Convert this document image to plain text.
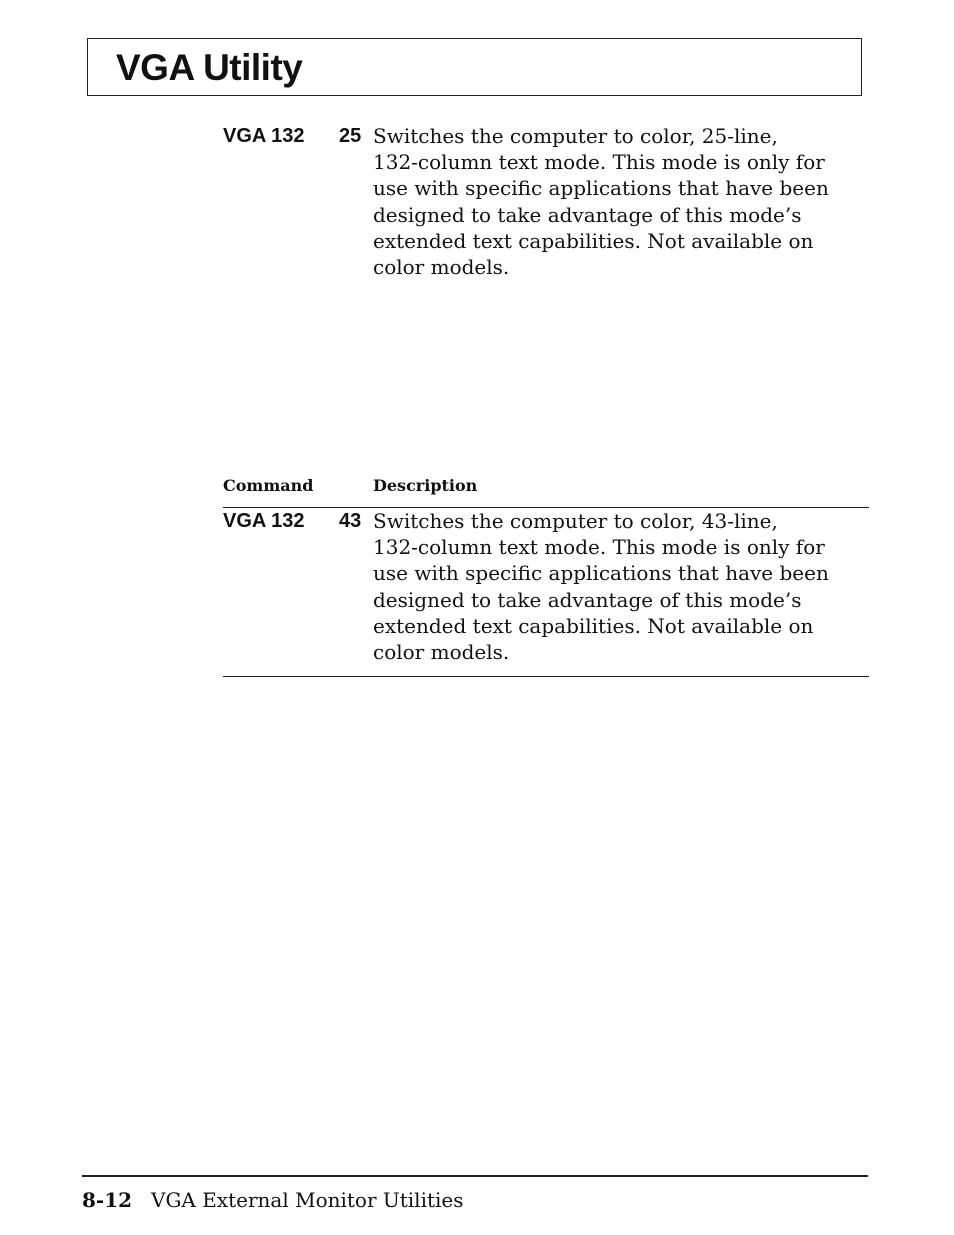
VGA Utility
VGA 132 25 Switches the computer to color, 25-line,
132-column text mode. This mode is only for
use with specific applications that have been
designed to take advantage of this mode’s
extended text capabilities. Not available on
color models.
Command	Description
VGA 132 43 Switches the computer to color, 43-line,
132-column text mode. This mode is only for
use with specific applications that have been
designed to take advantage of this mode’s
extended text capabilities. Not available on
color models.
8-12 VGA External Monitor Utilities
